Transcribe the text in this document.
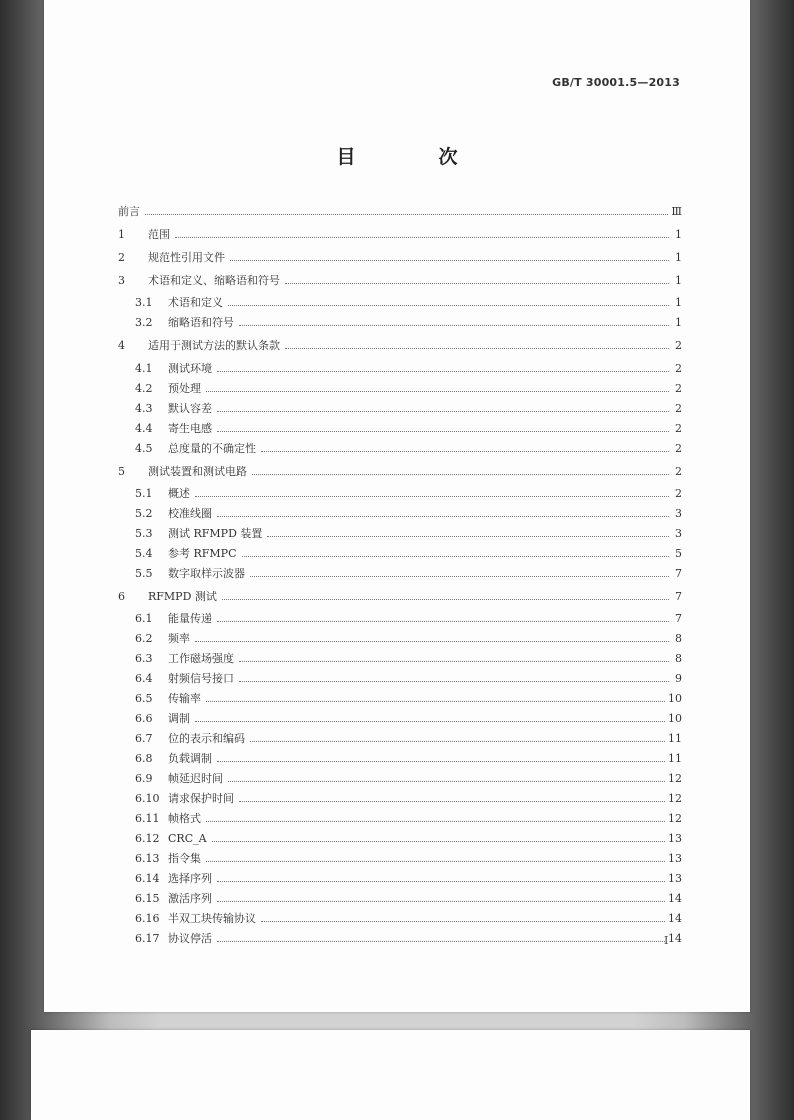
GB/T 30001.5—2013
目　次
前言	Ⅲ
1	范围	1
2	规范性引用文件	1
3	术语和定义、缩略语和符号	1
3.1	术语和定义	1
3.2	缩略语和符号	1
4	适用于测试方法的默认条款	2
4.1	测试环境	2
4.2	预处理	2
4.3	默认容差	2
4.4	寄生电感	2
4.5	总度量的不确定性	2
5	测试装置和测试电路	2
5.1	概述	2
5.2	校准线圈	3
5.3	测试 RFMPD 装置	3
5.4	参考 RFMPC	5
5.5	数字取样示波器	7
6	RFMPD 测试	7
6.1	能量传递	7
6.2	频率	8
6.3	工作磁场强度	8
6.4	射频信号接口	9
6.5	传输率	10
6.6	调制	10
6.7	位的表示和编码	11
6.8	负载调制	11
6.9	帧延迟时间	12
6.10 请求保护时间	12
6.11 帧格式	12
6.12 CRC_A	13
6.13 指令集	13
6.14 选择序列	13
6.15 激活序列	14
6.16 半双工块传输协议	14
6.17 协议停活	14
Ⅰ
